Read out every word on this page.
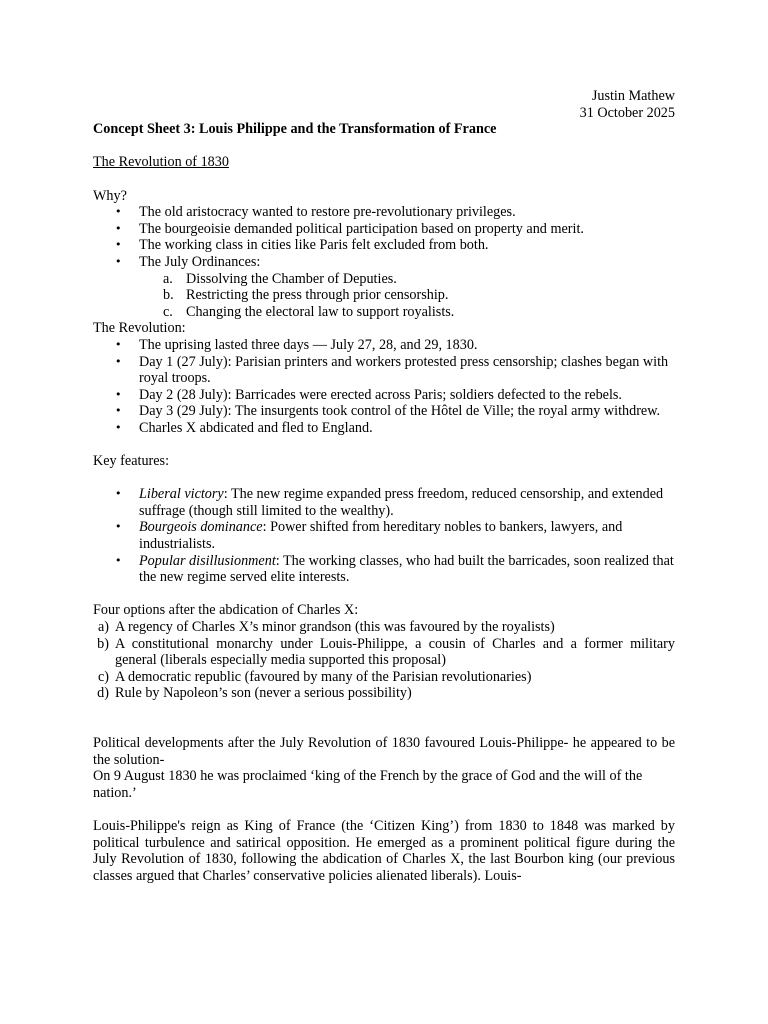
Justin Mathew
31 October 2025
Concept Sheet 3: Louis Philippe and the Transformation of France
The Revolution of 1830
Why?
• The old aristocracy wanted to restore pre-revolutionary privileges.
• The bourgeoisie demanded political participation based on property and merit.
• The working class in cities like Paris felt excluded from both.
• The July Ordinances:
a. Dissolving the Chamber of Deputies.
b. Restricting the press through prior censorship.
c. Changing the electoral law to support royalists.
The Revolution:
• The uprising lasted three days — July 27, 28, and 29, 1830.
• Day 1 (27 July): Parisian printers and workers protested press censorship; clashes began with royal troops.
• Day 2 (28 July): Barricades were erected across Paris; soldiers defected to the rebels.
• Day 3 (29 July): The insurgents took control of the Hôtel de Ville; the royal army withdrew.
• Charles X abdicated and fled to England.
Key features:
• Liberal victory: The new regime expanded press freedom, reduced censorship, and extended suffrage (though still limited to the wealthy).
• Bourgeois dominance: Power shifted from hereditary nobles to bankers, lawyers, and industrialists.
• Popular disillusionment: The working classes, who had built the barricades, soon realized that the new regime served elite interests.
Four options after the abdication of Charles X:
a) A regency of Charles X’s minor grandson (this was favoured by the royalists)
b) A constitutional monarchy under Louis-Philippe, a cousin of Charles and a former military general (liberals especially media supported this proposal)
c) A democratic republic (favoured by many of the Parisian revolutionaries)
d) Rule by Napoleon’s son (never a serious possibility)
Political developments after the July Revolution of 1830 favoured Louis-Philippe- he appeared to be the solution-
On 9 August 1830 he was proclaimed ‘king of the French by the grace of God and the will of the nation.’
Louis-Philippe's reign as King of France (the ‘Citizen King’) from 1830 to 1848 was marked by political turbulence and satirical opposition. He emerged as a prominent political figure during the July Revolution of 1830, following the abdication of Charles X, the last Bourbon king (our previous classes argued that Charles’ conservative policies alienated liberals). Louis-
